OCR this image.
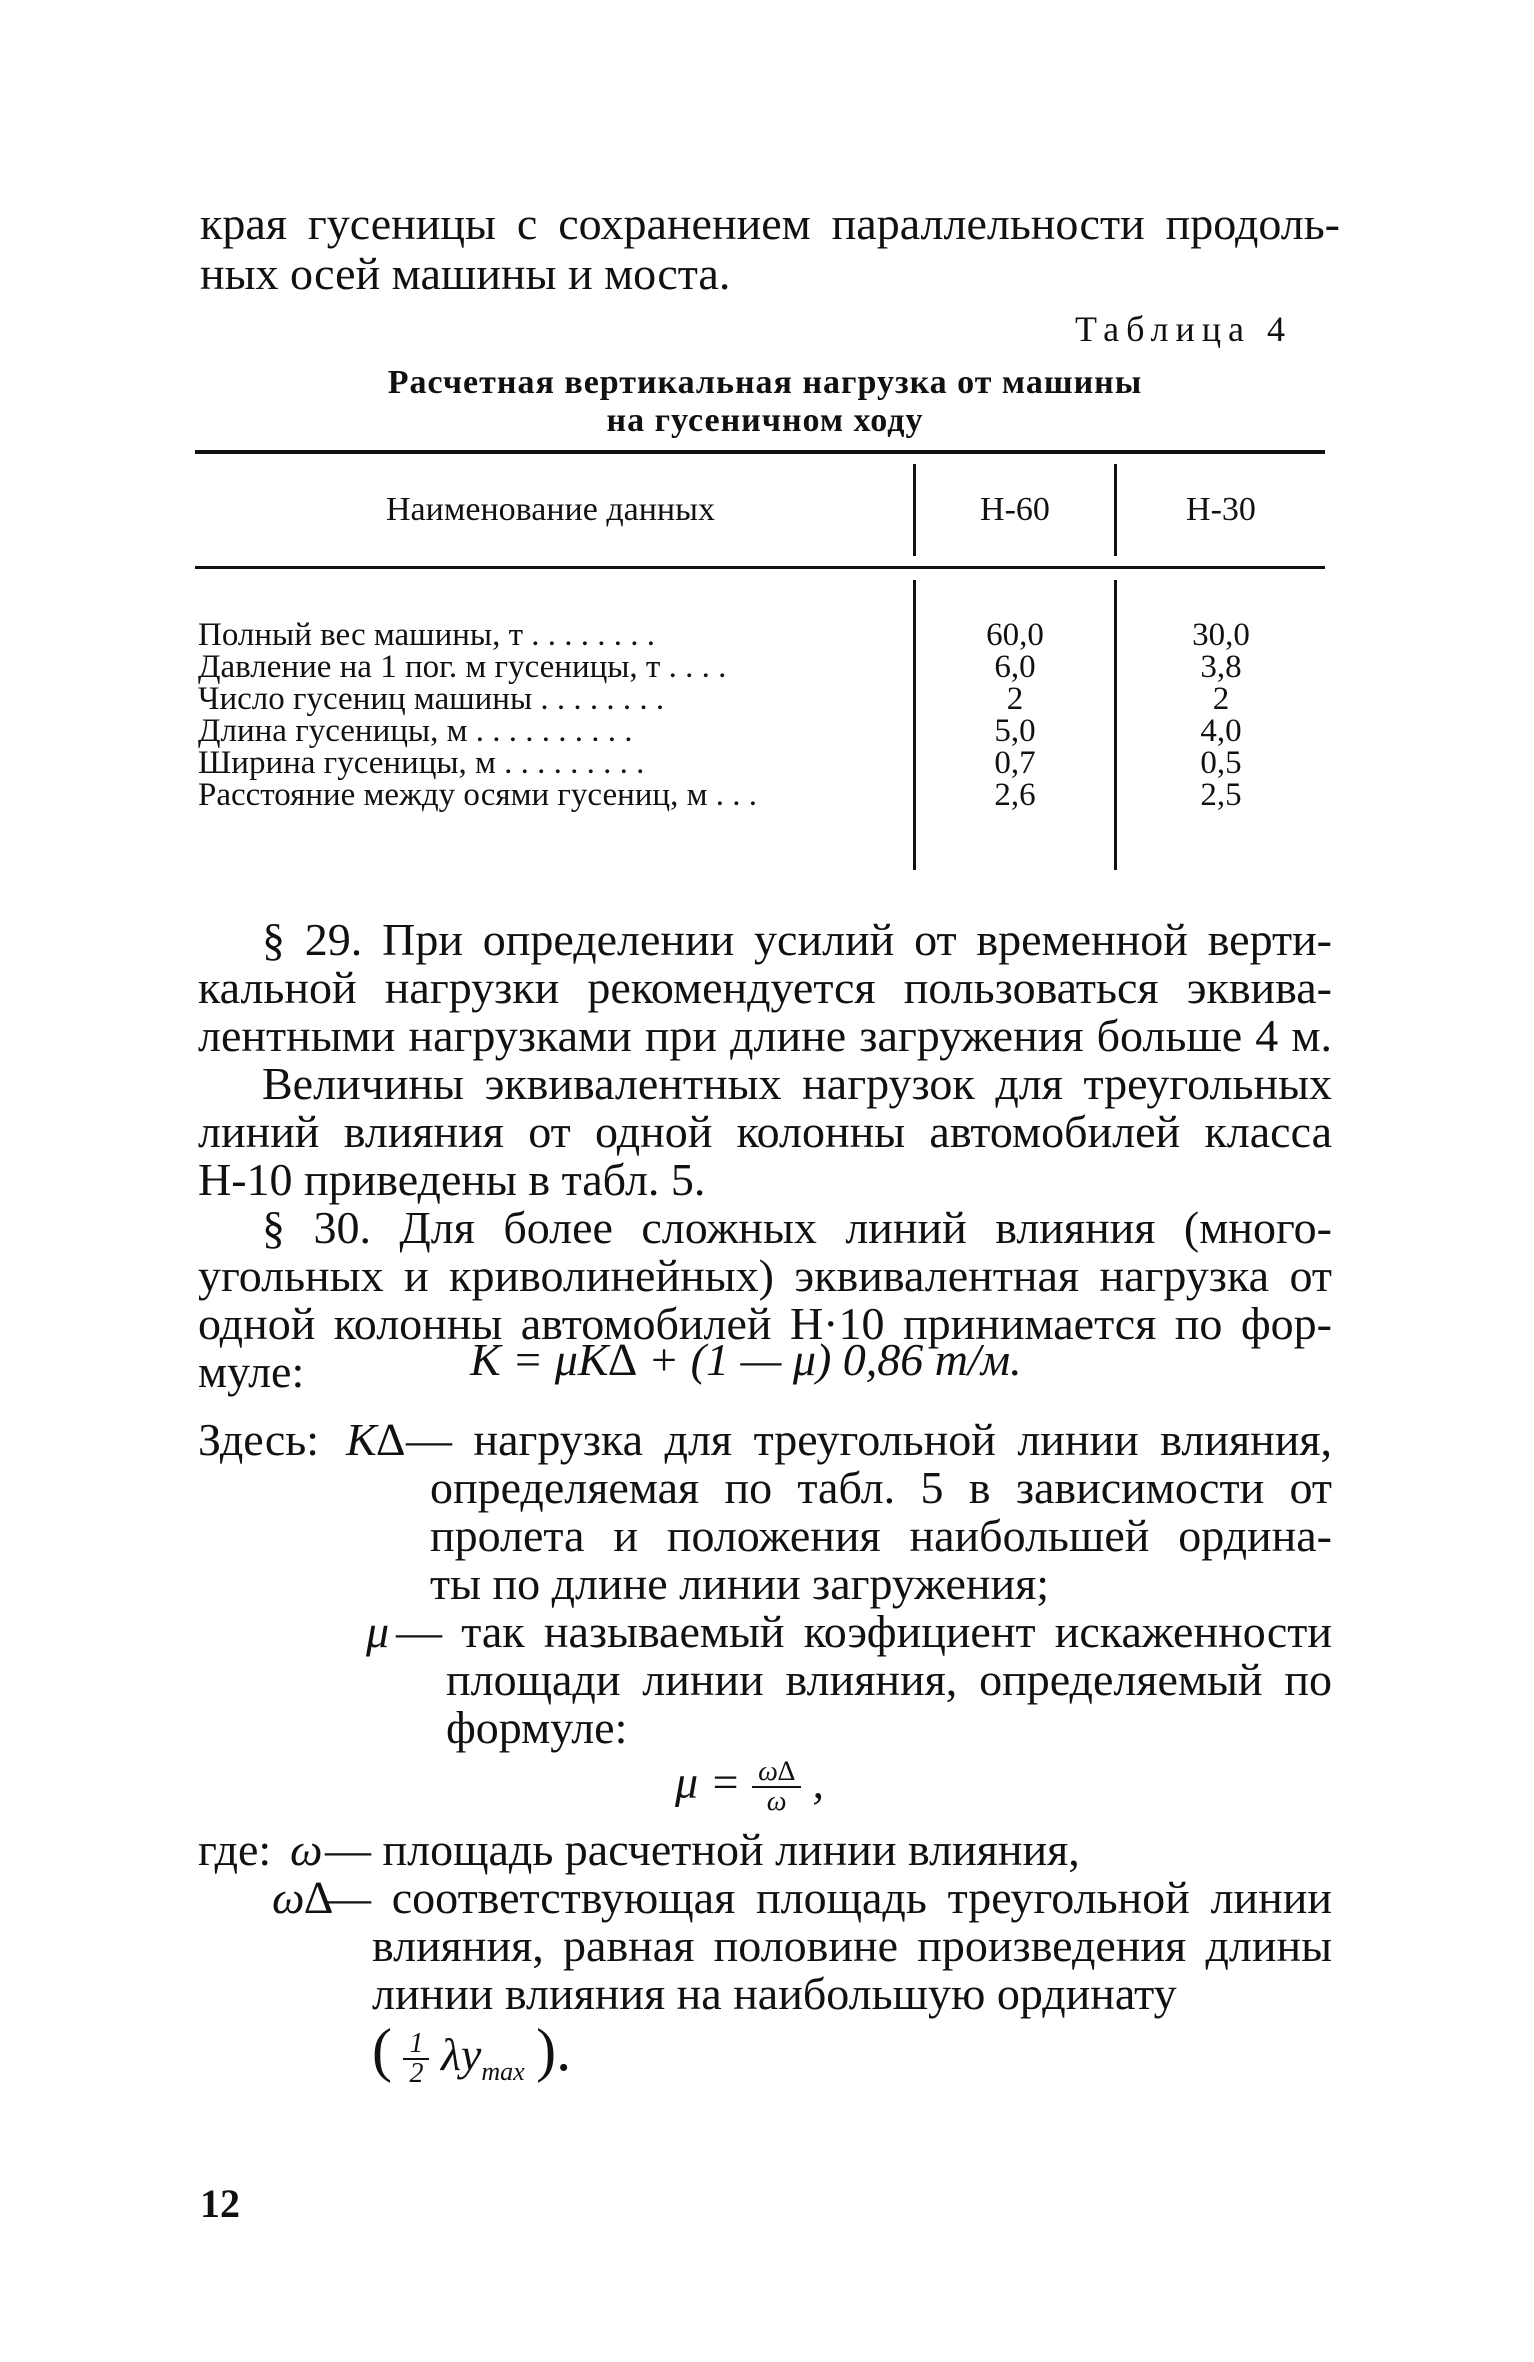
края гусеницы с сохранением параллельности продоль-
ных осей машины и моста.
Таблица 4
Расчетная вертикальная нагрузка от машины
на гусеничном ходу
Наименование данных	Н-60	Н-30
Полный вес машины, т . . . . . . . .	60,0	30,0
Давление на 1 пог. м гусеницы, т . . . .	6,0	3,8
Число гусениц машины . . . . . . . .	2	2
Длина гусеницы, м . . . . . . . . . .	5,0	4,0
Ширина гусеницы, м . . . . . . . . .	0,7	0,5
Расстояние между осями гусениц, м . . .	2,6	2,5
§ 29. При определении усилий от временной верти-
кальной нагрузки рекомендуется пользоваться эквива-
лентными нагрузками при длине загружения больше 4 м.
Величины эквивалентных нагрузок для треугольных
линий влияния от одной колонны автомобилей класса
Н-10 приведены в табл. 5.
§ 30. Для более сложных линий влияния (много-
угольных и криволинейных) эквивалентная нагрузка от
одной колонны автомобилей Н·10 принимается по фор-
муле:	K = μK∆ + (1 — μ) 0,86 т/м.
Здесь: K∆ — нагрузка для треугольной линии влияния,
определяемая по табл. 5 в зависимости от
пролета и положения наибольшей ордина-
ты по длине линии загружения;
μ — так называемый коэфициент искаженности
площади линии влияния, определяемый по
формуле:
$\mu = \frac{\omega\Delta}{\omega}$ ,
где: ω — площадь расчетной линии влияния,
ω∆
— соответствующая площадь треугольной линии
влияния, равная половине произведения длины
линии влияния на наибольшую ординату
( $\frac{1}{2} \lambda y_{max}$ ).
12
